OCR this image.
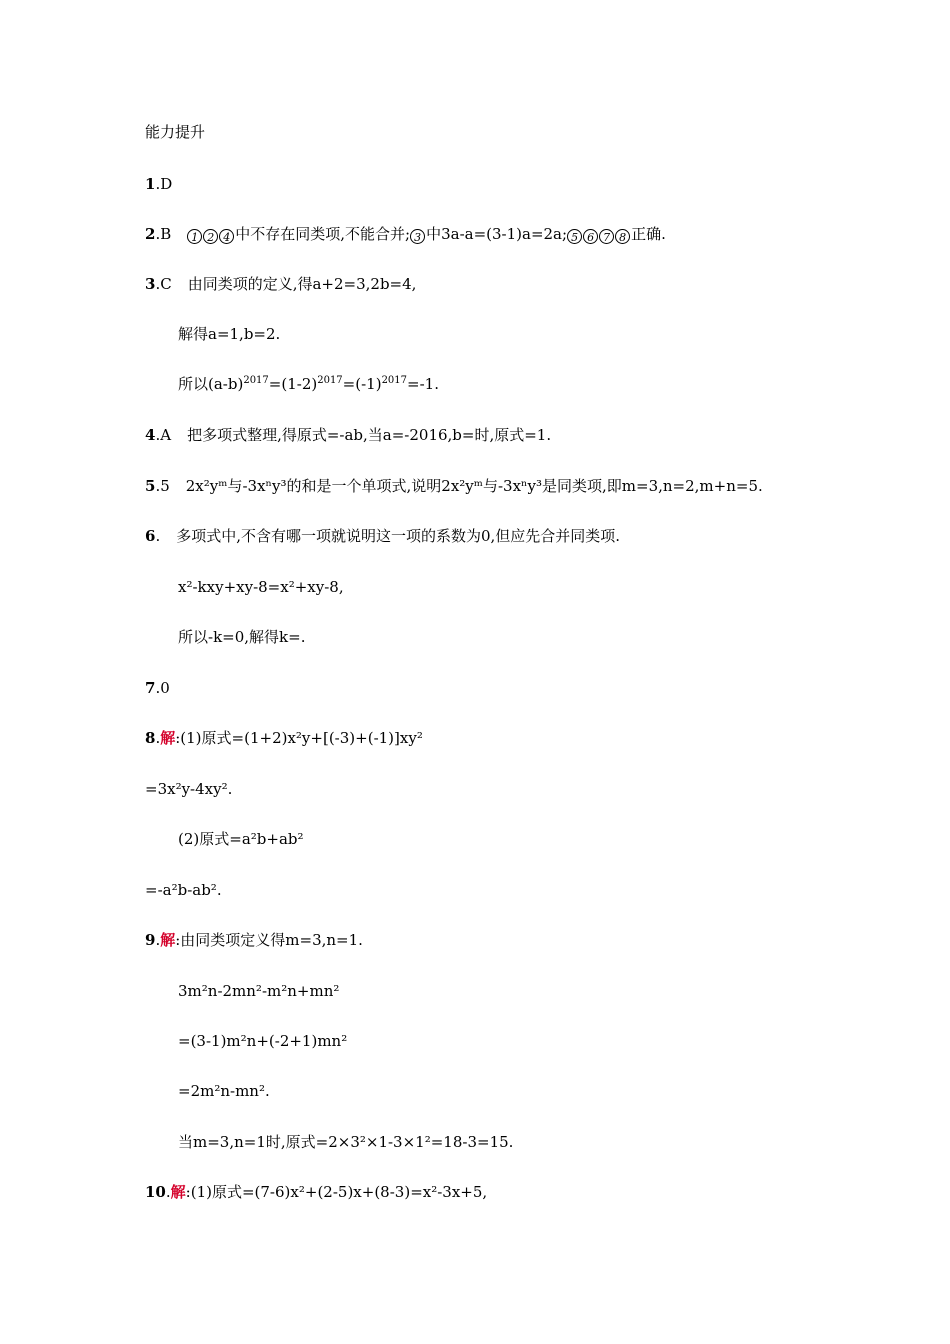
能力提升
1.D
2.B 1 2 4 中不存在同类项,不能合并; 3 中3a-a=(3-1)a=2a; 5 6 7 8 正确.
3.C 由同类项的定义,得a+2=3,2b=4,
解得a=1,b=2.
所以$(a-b)^{2017}=(1-2)^{2017}=(-1)^{2017}=-1$.
4.A 把多项式整理,得原式=-ab,当a=-2016,b=时,原式=1.
5.5 2x²yᵐ与-3xⁿy³的和是一个单项式,说明2x²yᵐ与-3xⁿy³是同类项,即m=3,n=2,m+n=5.
6. 多项式中,不含有哪一项就说明这一项的系数为0,但应先合并同类项.
x²-kxy+xy-8=x²+xy-8,
所以-k=0,解得k=.
7.0
8.解:(1)原式=(1+2)x²y+[(-3)+(-1)]xy²
=3x²y-4xy².
(2)原式=a²b+ab²
=-a²b-ab².
9.解:由同类项定义得m=3,n=1.
3m²n-2mn²-m²n+mn²
=(3-1)m²n+(-2+1)mn²
=2m²n-mn².
当m=3,n=1时,原式=2×3²×1-3×1²=18-3=15.
10.解:(1)原式=(7-6)x²+(2-5)x+(8-3)=x²-3x+5,
